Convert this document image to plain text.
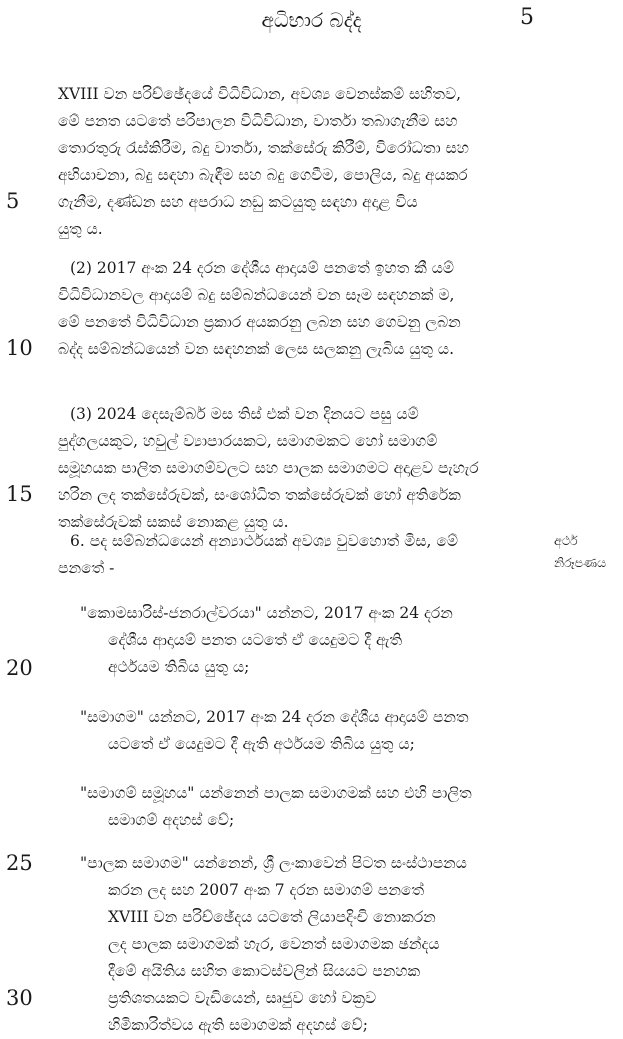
අධිභාර බද්ද	5
XVIII වන පරිච්ඡේදයේ විධිවිධාන, අවශ්‍ය වෙනස්කම් සහිතව,
මේ පනත යටතේ පරිපාලන විධිවිධාන, වාර්තා තබාගැනීම සහ
තොරතුරු රැස්කිරීම, බදු වාර්තා, තක්සේරු කිරීම්, විරෝධතා සහ
අභියාචනා, බදු සඳහා බැඳීම සහ බදු ගෙවීම, පොලිය, බදු අයකර
ගැනීම, දණ්ඩන සහ අපරාධ නඩු කටයුතු සඳහා අදාළ විය
යුතු ය.
5
(2) 2017 අංක 24 දරන දේශීය ආදායම් පනතේ ඉහත කී යම්
විධිවිධානවල ආදායම් බදු සම්බන්ධයෙන් වන සෑම සඳහනක් ම,
මේ පනතේ විධිවිධාන ප්‍රකාර අයකරනු ලබන සහ ගෙවනු ලබන
බද්ද සම්බන්ධයෙන් වන සඳහනක් ලෙස සලකනු ලැබිය යුතු ය.
10
(3) 2024 දෙසැම්බර් මස තිස් එක් වන දිනයට පසු යම්
පුද්ගලයකුට, හවුල් ව්‍යාපාරයකට, සමාගමකට හෝ සමාගම්
සමූහයක පාලිත සමාගම්වලට සහ පාලක සමාගමට අදාළව පැහැර
හරින ලද තක්සේරුවක්, සංශෝධිත තක්සේරුවක් හෝ අතිරේක
තක්සේරුවක් සකස් නොකළ යුතු ය.
15
6. පද සම්බන්ධයෙන් අන්‍යාර්ථයක් අවශ්‍ය වුවහොත් මිස, මේ
පනතේ -
අර්ථ
නිරූපණය
"කොමසාරිස්-ජනරාල්වරයා" යන්නට, 2017 අංක 24 දරන
දේශීය ආදායම් පනත යටතේ ඒ යෙදුමට දී ඇති
අර්ථයම තිබිය යුතු ය;
20
"සමාගම" යන්නට, 2017 අංක 24 දරන දේශීය ආදායම් පනත
යටතේ ඒ යෙදුමට දී ඇති අර්ථයම තිබිය යුතු ය;
"සමාගම් සමූහය" යන්නෙන් පාලක සමාගමක් සහ එහි පාලිත
සමාගම් අදහස් වේ;
"පාලක සමාගම" යන්නෙන්, ශ්‍රී ලංකාවෙන් පිටත සංස්ථාපනය
කරන ලද සහ 2007 අංක 7 දරන සමාගම් පනතේ
XVIII වන පරිච්ඡේදය යටතේ ලියාපදිංචි නොකරන
ලද පාලක සමාගමක් හැර, වෙනත් සමාගමක ඡන්දය
දීමේ අයිතිය සහිත කොටස්වලින් සියයට පනහක
ප්‍රතිශතයකට වැඩියෙන්, සෘජුව හෝ වක්‍රව
හිමිකාරිත්වය ඇති සමාගමක් අදහස් වේ;
25
30
